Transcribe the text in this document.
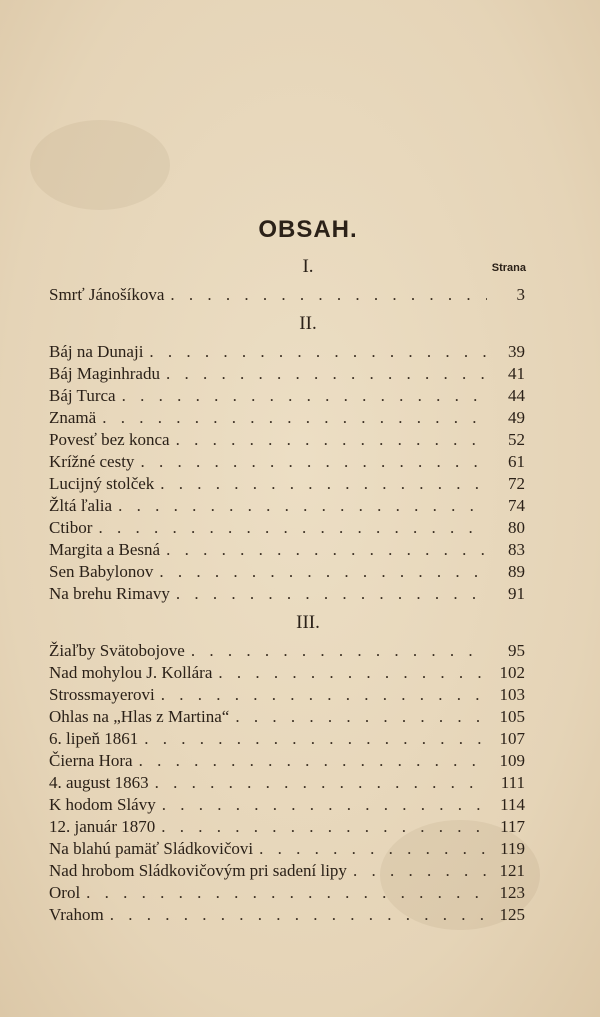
OBSAH.
Strana
I.
Smrť Jánošíkova . . .	3
II.
Báj na Dunaji . . .	39
Báj Maginhradu . . .	41
Báj Turca . . .	44
Znamä . . .	49
Povesť bez konca . . .	52
Krížné cesty . . .	61
Lucijný stolček . . .	72
Žltá ľalia . . .	74
Ctibor . . .	80
Margita a Besná . . .	83
Sen Babylonov . . .	89
Na brehu Rimavy . . .	91
III.
Žiaľby Svätobojove . . .	95
Nad mohylou J. Kollára . . .	102
Strossmayerovi . . .	103
Ohlas na „Hlas z Martina“ . . .	105
6. lipeň 1861 . . .	107
Čierna Hora . . .	109
4. august 1863 . . .	111
K hodom Slávy . . .	114
12. január 1870 . . .	117
Na blahú pamäť Sládkovičovi . . .	119
Nad hrobom Sládkovičovým pri sadení lipy . . .	121
Orol . . .	123
Vrahom . . .	125
